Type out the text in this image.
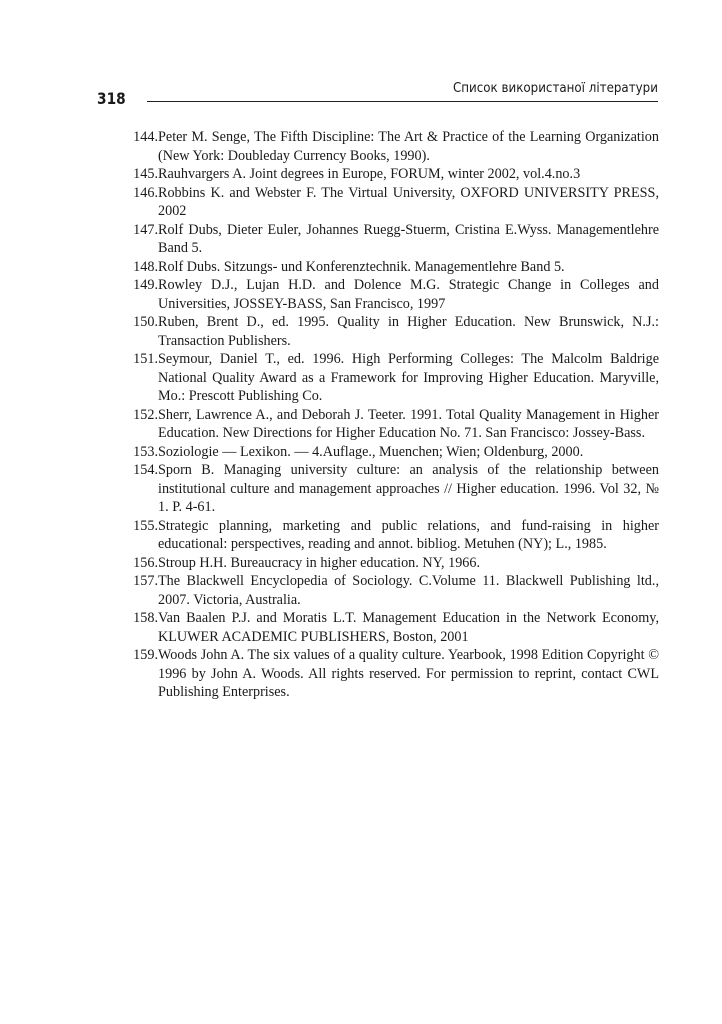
318
Список використаної літератури
144. Peter M. Senge, The Fifth Discipline: The Art & Practice of the Learning Organization (New York: Doubleday Currency Books, 1990).
145. Rauhvargers A. Joint degrees in Europe, FORUM, winter 2002, vol.4.no.3
146. Robbins K. and Webster F. The Virtual University, OXFORD UNIVERSITY PRESS, 2002
147. Rolf Dubs, Dieter Euler, Johannes Ruegg-Stuerm, Cristina E.Wyss. Managementlehre Band 5.
148. Rolf Dubs. Sitzungs- und Konferenztechnik. Managementlehre Band 5.
149. Rowley D.J., Lujan H.D. and Dolence M.G. Strategic Change in Colleges and Universities, JOSSEY-BASS, San Francisco, 1997
150. Ruben, Brent D., ed. 1995. Quality in Higher Education. New Brunswick, N.J.: Transaction Publishers.
151. Seymour, Daniel T., ed. 1996. High Performing Colleges: The Malcolm Baldrige National Quality Award as a Framework for Improving Higher Education. Maryville, Mo.: Prescott Publishing Co.
152. Sherr, Lawrence A., and Deborah J. Teeter. 1991. Total Quality Management in Higher Education. New Directions for Higher Education No. 71. San Francisco: Jossey-Bass.
153. Soziologie — Lexikon. — 4.Auflage., Muenchen; Wien; Oldenburg, 2000.
154. Sporn B. Managing university culture: an analysis of the relationship between institutional culture and management approaches // Higher education. 1996. Vol 32, № 1. P. 4-61.
155. Strategic planning, marketing and public relations, and fund-raising in higher educational: perspectives, reading and annot. bibliog. Metuhen (NY); L., 1985.
156. Stroup H.H. Bureaucracy in higher education. NY, 1966.
157. The Blackwell Encyclopedia of Sociology. C.Volume 11. Blackwell Publishing ltd., 2007. Victoria, Australia.
158. Van Baalen P.J. and Moratis L.T. Management Education in the Network Economy, KLUWER ACADEMIC PUBLISHERS, Boston, 2001
159. Woods John A. The six values of a quality culture. Yearbook, 1998 Edition Copyright © 1996 by John A. Woods. All rights reserved. For permission to reprint, contact CWL Publishing Enterprises.
